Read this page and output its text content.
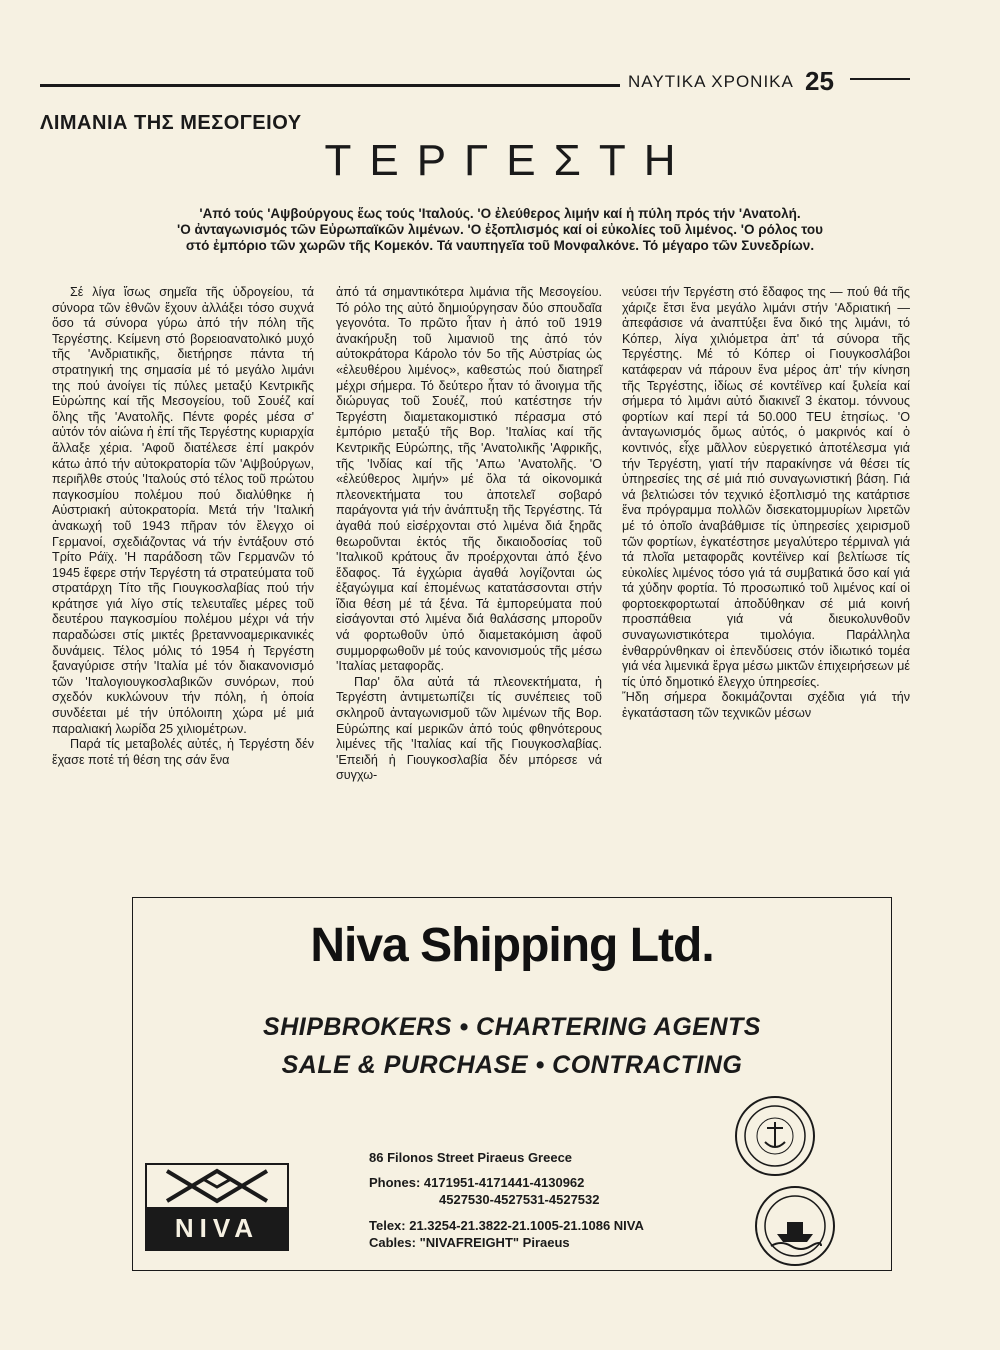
ΝΑΥΤΙΚΑ ΧΡΟΝΙΚΑ 25
ΛΙΜΑΝΙΑ ΤΗΣ ΜΕΣΟΓΕΙΟΥ
ΤΕΡΓΕΣΤΗ
'Από τούς 'Αψβούργους ἕως τούς 'Ιταλούς. 'Ο ἐλεύθερος λιμήν καί ἡ πύλη πρός τήν 'Ανατολή.
'Ο ἀνταγωνισμός τῶν Εὐρωπαϊκῶν λιμένων. 'Ο ἐξοπλισμός καί οἱ εὐκολίες τοῦ λιμένος. 'Ο ρόλος του
στό ἐμπόριο τῶν χωρῶν τῆς Κομεκόν. Τά ναυπηγεῖα τοῦ Μονφαλκόνε. Τό μέγαρο τῶν Συνεδρίων.

Σέ λίγα ἴσως σημεῖα τῆς ὑδρογείου, τά σύνορα τῶν ἐθνῶν ἔχουν ἀλλάξει τόσο συχνά ὅσο τά σύνορα γύρω ἀπό τήν πόλη τῆς Τεργέστης. Κείμενη στό βορειοανατολικό μυχό τῆς 'Ανδριατικῆς, διετήρησε πάντα τή στρατηγική της σημασία μέ τό μεγάλο λιμάνι της πού ἀνοίγει τίς πύλες μεταξύ Κεντρικῆς Εὐρώπης καί τῆς Μεσογείου, τοῦ Σουέζ καί ὅλης τῆς 'Ανατολῆς. Πέντε φορές μέσα σ' αὐτόν τόν αἰώνα ἡ ἐπί τῆς Τεργέστης κυριαρχία ἄλλαξε χέρια. 'Αφοῦ διατέλεσε ἐπί μακρόν κάτω ἀπό τήν αὐτοκρατορία τῶν 'Αψβούργων, περιῆλθε στούς 'Ιταλούς στό τέλος τοῦ πρώτου παγκοσμίου πολέμου πού διαλύθηκε ἡ Αὐστριακή αὐτοκρατορία. Μετά τήν 'Ιταλική ἀνακωχή τοῦ 1943 πῆραν τόν ἔλεγχο οἱ Γερμανοί, σχεδιάζοντας νά τήν ἐντάξουν στό Τρίτο Ράϊχ. 'Η παράδοση τῶν Γερμανῶν τό 1945 ἔφερε στήν Τεργέστη τά στρατεύματα τοῦ στρατάρχη Τίτο τῆς Γιουγκοσλαβίας πού τήν κράτησε γιά λίγο στίς τελευταῖες μέρες τοῦ δευτέρου παγκοσμίου πολέμου μέχρι νά τήν παραδώσει στίς μικτές βρεταννοαμερικανικές δυνάμεις. Τέλος μόλις τό 1954 ἡ Τεργέστη ξαναγύρισε στήν 'Ιταλία μέ τόν διακανονισμό τῶν 'Ιταλογιουγκοσλαβικῶν συνόρων, πού σχεδόν κυκλώνουν τήν πόλη, ἡ ὁποία συνδέεται μέ τήν ὑπόλοιπη χώρα μέ μιά παραλιακή λωρίδα 25 χιλιομέτρων.

Παρά τίς μεταβολές αὐτές, ἡ Τεργέστη δέν ἔχασε ποτέ τή θέση της σάν ἕνα

ἀπό τά σημαντικότερα λιμάνια τῆς Μεσογείου. Τό ρόλο της αὐτό δημιούργησαν δύο σπουδαῖα γεγονότα. Το πρῶτο ἦταν ἡ ἀπό τοῦ 1919 ἀνακήρυξη τοῦ λιμανιοῦ της ἀπό τόν αὐτοκράτορα Κάρολο τόν 5ο τῆς Αὐστρίας ὡς «ἐλευθέρου λιμένος», καθεστώς πού διατηρεῖ μέχρι σήμερα. Τό δεύτερο ἦταν τό ἄνοιγμα τῆς διώρυγας τοῦ Σουέζ, πού κατέστησε τήν Τεργέστη διαμετακομιστικό πέρασμα στό ἐμπόριο μεταξύ τῆς Βορ. 'Ιταλίας καί τῆς Κεντρικῆς Εὐρώπης, τῆς 'Ανατολικῆς 'Αφρικῆς, τῆς 'Ινδίας καί τῆς 'Απω 'Ανατολῆς. 'Ο «ἐλεύθερος λιμήν» μέ ὅλα τά οἰκονομικά πλεονεκτήματα του ἀποτελεῖ σοβαρό παράγοντα γιά τήν ἀνάπτυξη τῆς Τεργέστης. Τά ἀγαθά πού εἰσέρχονται στό λιμένα διά ξηρᾶς θεωροῦνται ἐκτός τῆς δικαιοδοσίας τοῦ 'Ιταλικοῦ κράτους ἄν προέρχονται ἀπό ξένο ἔδαφος. Τά ἐγχώρια ἀγαθά λογίζονται ὡς ἐξαγώγιμα καί ἑπομένως κατατάσσονται στήν ἴδια θέση μέ τά ξένα. Τά ἐμπορεύματα πού εἰσάγονται στό λιμένα διά θαλάσσης μποροῦν νά φορτωθοῦν ὑπό διαμετακόμιση ἀφοῦ συμμορφωθοῦν μέ τούς κανονισμούς τῆς μέσω 'Ιταλίας μεταφορᾶς.

Παρ' ὅλα αὐτά τά πλεονεκτήματα, ἡ Τεργέστη ἀντιμετωπίζει τίς συνέπειες τοῦ σκληροῦ ἀνταγωνισμοῦ τῶν λιμένων τῆς Βορ. Εὐρώπης καί μερικῶν ἀπό τούς φθηνότερους λιμένες τῆς 'Ιταλίας καί τῆς Γιουγκοσλαβίας. 'Επειδή ἡ Γιουγκοσλαβία δέν μπόρεσε νά συγχω-

νεύσει τήν Τεργέστη στό ἔδαφος της — πού θά τῆς χάριζε ἔτσι ἕνα μεγάλο λιμάνι στήν 'Αδριατική — ἀπεφάσισε νά ἀναπτύξει ἕνα δικό της λιμάνι, τό Κόπερ, λίγα χιλιόμετρα ἀπ' τά σύνορα τῆς Τεργέστης. Μέ τό Κόπερ οἱ Γιουγκοσλάβοι κατάφεραν νά πάρουν ἕνα μέρος ἀπ' τήν κίνηση τῆς Τεργέστης, ἰδίως σέ κοντέϊνερ καί ξυλεία καί σήμερα τό λιμάνι αὐτό διακινεῖ 3 ἑκατομ. τόννους φορτίων καί περί τά 50.000 TEU ἐτησίως. 'Ο ἀνταγωνισμός ὅμως αὐτός, ὁ μακρινός καί ὁ κοντινός, εἶχε μᾶλλον εὐεργετικό ἀποτέλεσμα γιά τήν Τεργέστη, γιατί τήν παρακίνησε νά θέσει τίς ὑπηρεσίες της σέ μιά πιό συναγωνιστική βάση. Γιά νά βελτιώσει τόν τεχνικό ἐξοπλισμό της κατάρτισε ἕνα πρόγραμμα πολλῶν δισεκατομμυρίων λιρετῶν μέ τό ὁποῖο ἀναβάθμισε τίς ὑπηρεσίες χειρισμοῦ τῶν φορτίων, ἐγκατέστησε μεγαλύτερο τέρμιναλ γιά τά πλοῖα μεταφορᾶς κοντέϊνερ καί βελτίωσε τίς εὐκολίες λιμένος τόσο γιά τά συμβατικά ὅσο καί γιά τά χύδην φορτία. Τό προσωπικό τοῦ λιμένος καί οἱ φορτοεκφορτωταί ἀποδύθηκαν σέ μιά κοινή προσπάθεια γιά νά διευκολυνθοῦν συναγωνιστικότερα τιμολόγια. Παράλληλα ἐνθαρρύνθηκαν οἱ ἐπενδύσεις στόν ἰδιωτικό τομέα γιά νέα λιμενικά ἔργα μέσω μικτῶν ἐπιχειρήσεων μέ τίς ὑπό δημοτικό ἔλεγχο ὑπηρεσίες.

Ἤδη σήμερα δοκιμάζονται σχέδια γιά τήν ἐγκατάσταση τῶν τεχνικῶν μέσων

Niva Shipping Ltd.
SHIPBROKERS • CHARTERING AGENTS
SALE & PURCHASE • CONTRACTING
NIVA
86 Filonos Street Piraeus Greece
Phones: 4171951-4171441-4130962
4527530-4527531-4527532
Telex: 21.3254-21.3822-21.1005-21.1086 NIVA
Cables: "NIVAFREIGHT" Piraeus
